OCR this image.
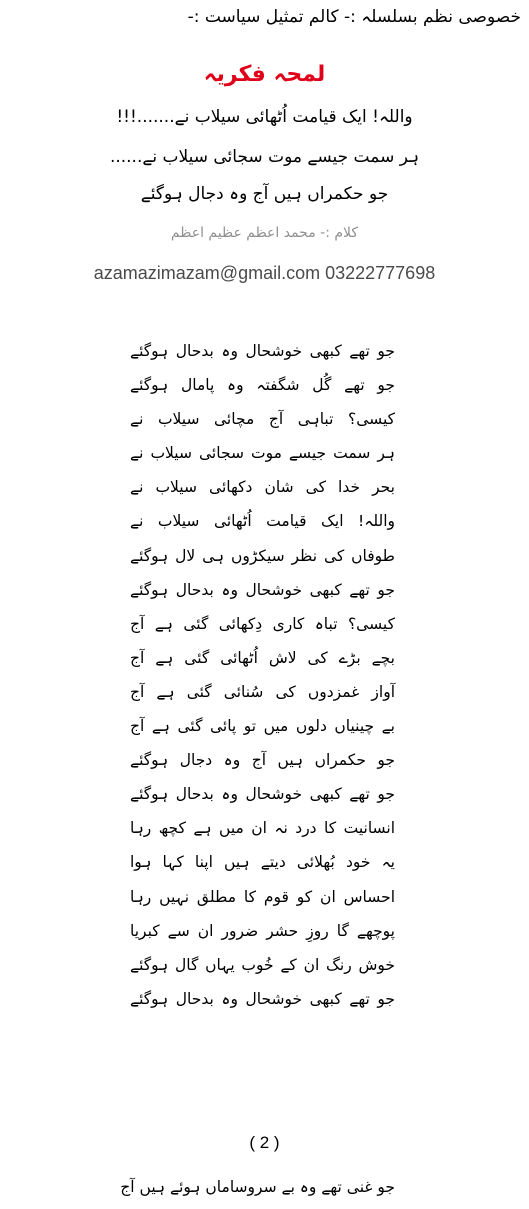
خصوصی نظم بسلسلہ :- کالم تمثیل سیاست :-
لمحہ فکریہ
واللہ! ایک قیامت اُٹھائی سیلاب نے.......!!!
ہر سمت جیسے موت سجائی سیلاب نے......
جو حکمراں ہیں آج وہ دجال ہوگئے
کلام :- محمد اعظم عظیم اعظم
azamazimazam@gmail.com 03222777698
جو تھے کبھی خوشحال وہ بدحال ہوگئے
جو تھے گُل شگفتہ وہ پامال ہوگئے
کیسی؟ تباہی آج مچائی سیلاب نے
ہر سمت جیسے موت سجائی سیلاب نے
بحر خدا کی شان دکھائی سیلاب نے
واللہ! ایک قیامت اُٹھائی سیلاب نے
طوفاں کی نظر سیکڑوں ہی لال ہوگئے
جو تھے کبھی خوشحال وہ بدحال ہوگئے
کیسی؟ تباہ کاری دِکھائی گئی ہے آج
بچے بڑے کی لاش اُٹھائی گئی ہے آج
آواز غمزدوں کی سُنائی گئی ہے آج
بے چینیاں دلوں میں تو پائی گئی ہے آج
جو حکمراں ہیں آج وہ دجال ہوگئے
جو تھے کبھی خوشحال وہ بدحال ہوگئے
انسانیت کا درد نہ ان میں ہے کچھ رہا
یہ خود بُھلائی دیتے ہیں اپنا کہا ہوا
احساس ان کو قوم کا مطلق نہیں رہا
پوچھے گا روزِ حشر ضرور ان سے کبریا
خوش رنگ ان کے خُوب یہاں گال ہوگئے
جو تھے کبھی خوشحال وہ بدحال ہوگئے
( 2 )
جو غنی تھے وہ بے سروساماں ہوئے ہیں آج
